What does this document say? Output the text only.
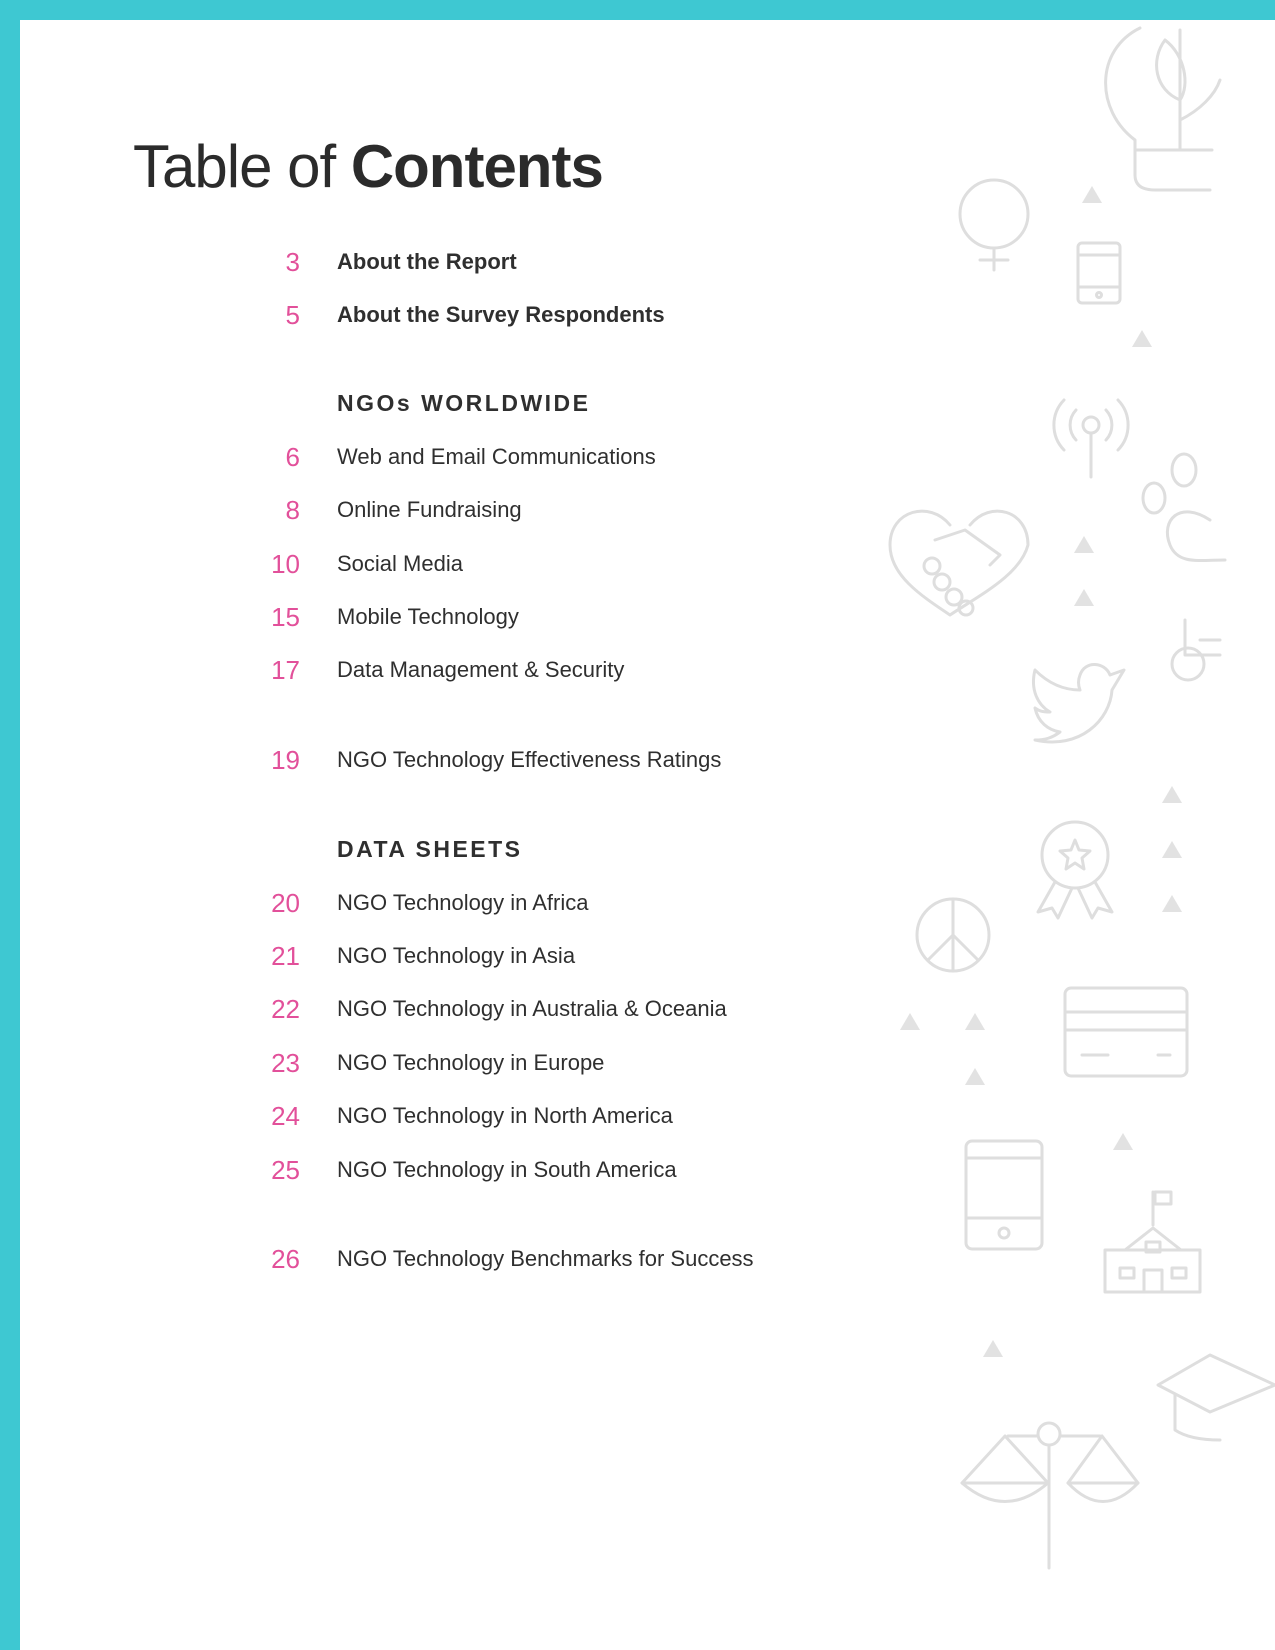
Table of Contents
3 About the Report
5 About the Survey Respondents
NGOs WORLDWIDE
6 Web and Email Communications
8 Online Fundraising
10 Social Media
15 Mobile Technology
17 Data Management & Security
19 NGO Technology Effectiveness Ratings
DATA SHEETS
20 NGO Technology in Africa
21 NGO Technology in Asia
22 NGO Technology in Australia & Oceania
23 NGO Technology in Europe
24 NGO Technology in North America
25 NGO Technology in South America
26 NGO Technology Benchmarks for Success
